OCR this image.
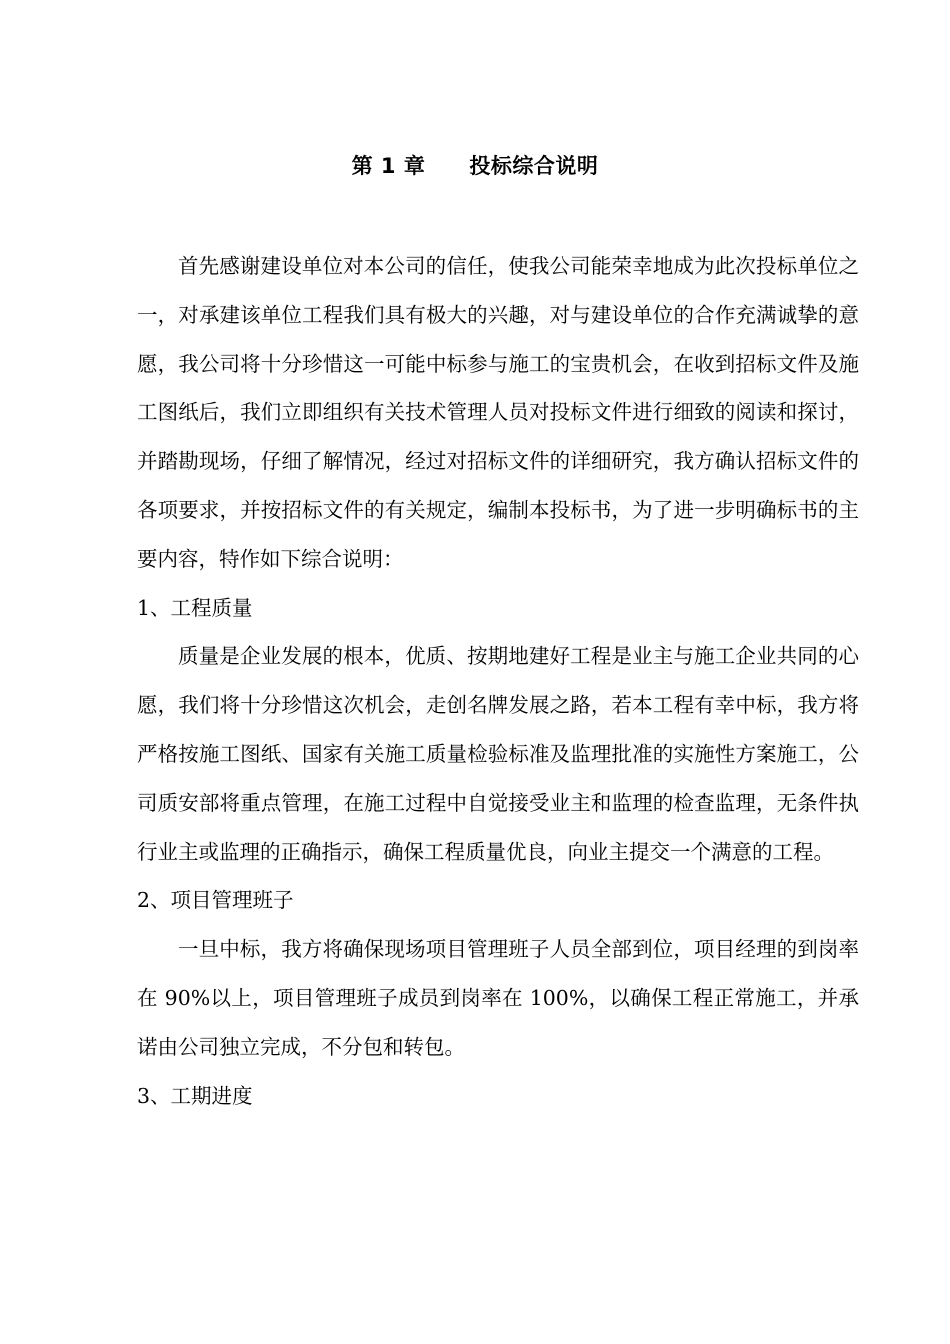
第 1 章 投标综合说明

首先感谢建设单位对本公司的信任，使我公司能荣幸地成为此次投标单位之一，对承建该单位工程我们具有极大的兴趣，对与建设单位的合作充满诚挚的意愿，我公司将十分珍惜这一可能中标参与施工的宝贵机会，在收到招标文件及施工图纸后，我们立即组织有关技术管理人员对投标文件进行细致的阅读和探讨，并踏勘现场，仔细了解情况，经过对招标文件的详细研究，我方确认招标文件的各项要求，并按招标文件的有关规定，编制本投标书，为了进一步明确标书的主要内容，特作如下综合说明：

1、工程质量

质量是企业发展的根本，优质、按期地建好工程是业主与施工企业共同的心愿，我们将十分珍惜这次机会，走创名牌发展之路，若本工程有幸中标，我方将严格按施工图纸、国家有关施工质量检验标准及监理批准的实施性方案施工，公司质安部将重点管理，在施工过程中自觉接受业主和监理的检查监理，无条件执行业主或监理的正确指示，确保工程质量优良，向业主提交一个满意的工程。

2、项目管理班子

一旦中标，我方将确保现场项目管理班子人员全部到位，项目经理的到岗率在 90%以上，项目管理班子成员到岗率在 100%，以确保工程正常施工，并承诺由公司独立完成，不分包和转包。

3、工期进度
